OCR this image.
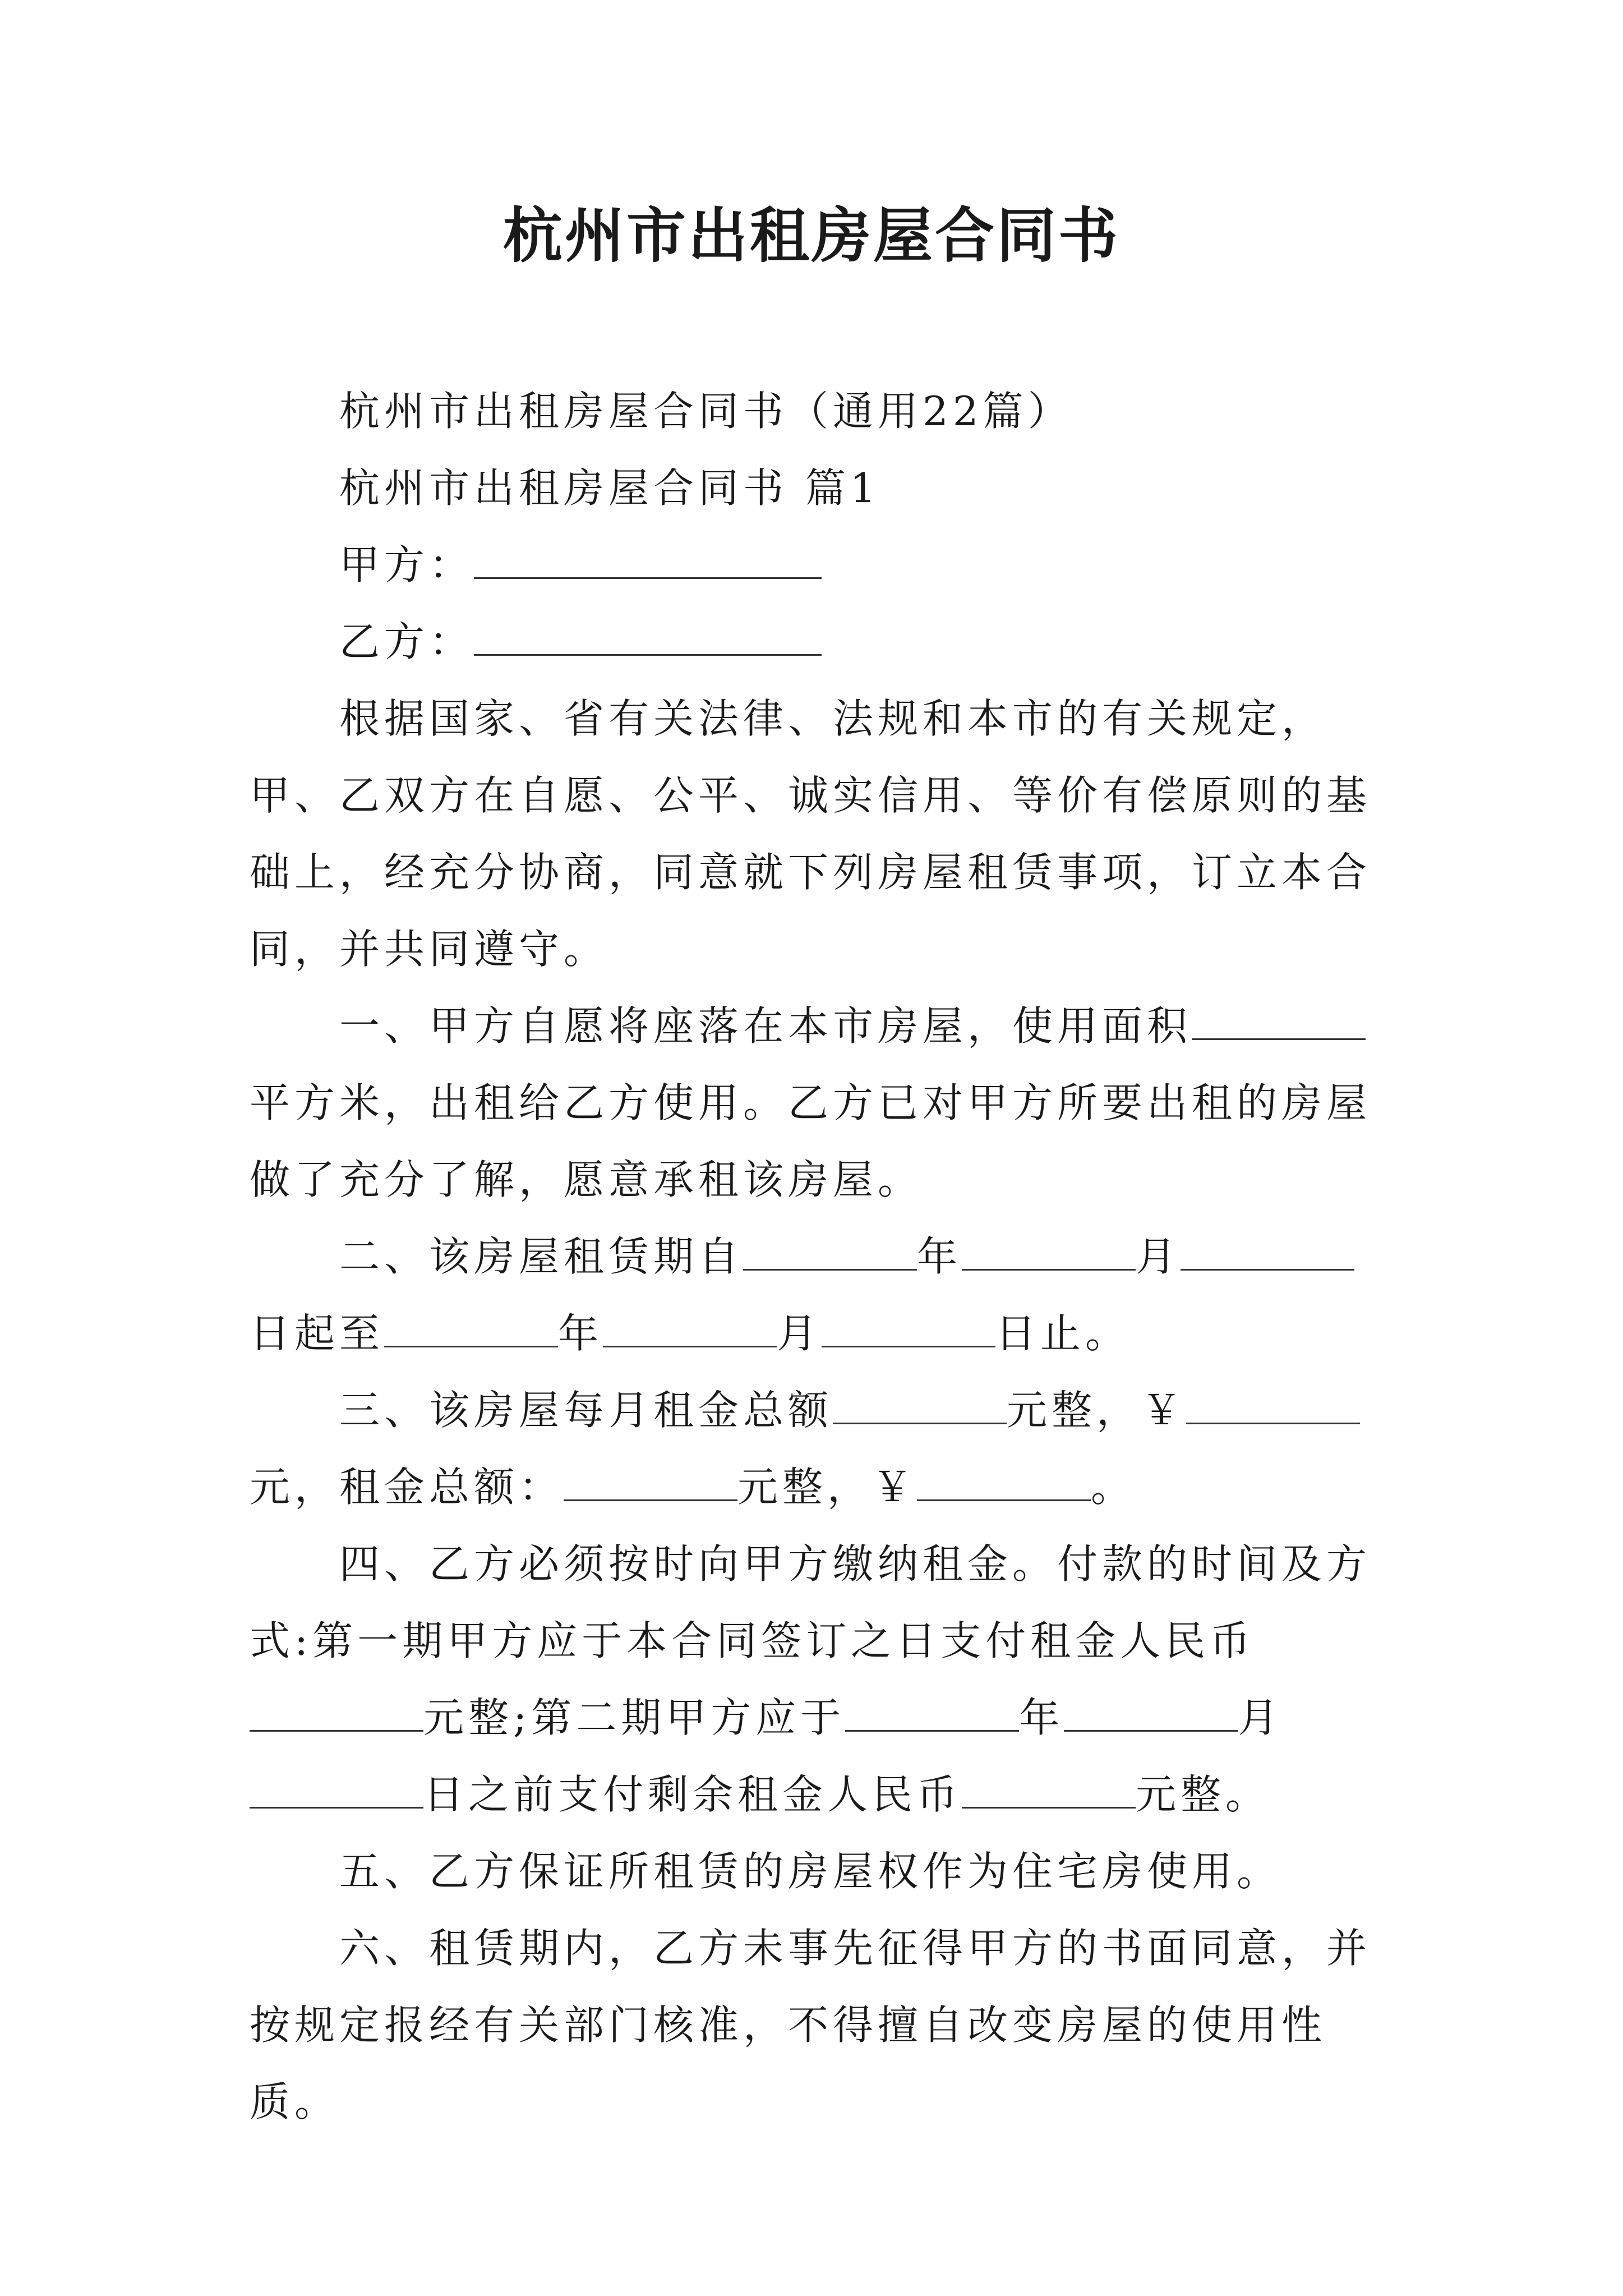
杭州市出租房屋合同书

杭州市出租房屋合同书（通用22篇）

杭州市出租房屋合同书 篇1

甲方：

乙方：

根据国家、省有关法律、法规和本市的有关规定，甲、乙双方在自愿、公平、诚实信用、等价有偿原则的基础上，经充分协商，同意就下列房屋租赁事项，订立本合同，并共同遵守。

一、甲方自愿将座落在本市房屋，使用面积平方米，出租给乙方使用。乙方已对甲方所要出租的房屋做了充分了解，愿意承租该房屋。

二、该房屋租赁期自	年	月日起至	年	月	日止。

三、该房屋每月租金总额	元整，￥元，租金总额：	元整，￥	。

四、乙方必须按时向甲方缴纳租金。付款的时间及方式:第一期甲方应于本合同签订之日支付租金人民币元整;第二期甲方应于	年	月日之前支付剩余租金人民币	元整。

五、乙方保证所租赁的房屋权作为住宅房使用。

六、租赁期内，乙方未事先征得甲方的书面同意，并按规定报经有关部门核准，不得擅自改变房屋的使用性质。
